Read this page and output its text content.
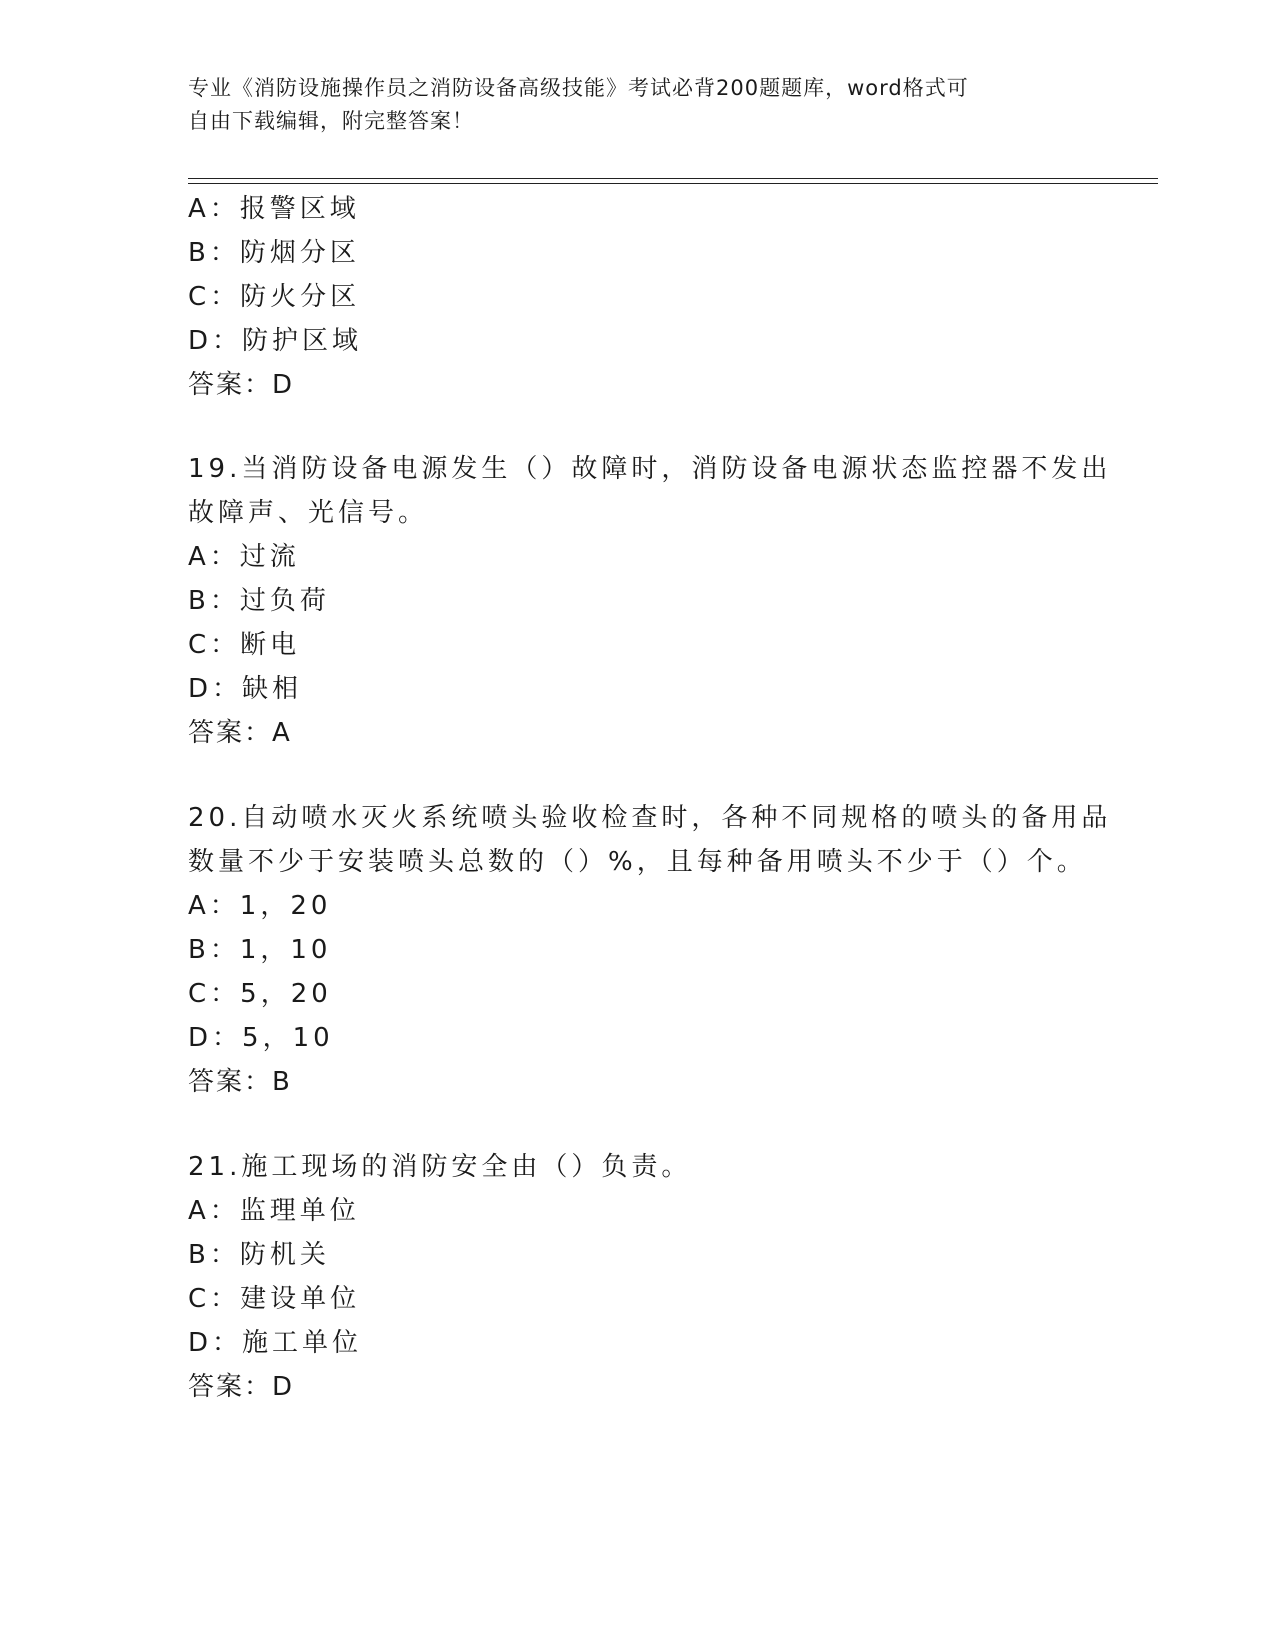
专业《消防设施操作员之消防设备高级技能》考试必背200题题库，word格式可
自由下载编辑，附完整答案！
A：报警区域
B：防烟分区
C：防火分区
D：防护区域
答案：D
19.当消防设备电源发生（）故障时，消防设备电源状态监控器不发出
故障声、光信号。
A：过流
B：过负荷
C：断电
D：缺相
答案：A
20.自动喷水灭火系统喷头验收检查时，各种不同规格的喷头的备用品
数量不少于安装喷头总数的（）%，且每种备用喷头不少于（）个。
A：1，20
B：1，10
C：5，20
D：5，10
答案：B
21.施工现场的消防安全由（）负责。
A：监理单位
B：防机关
C：建设单位
D：施工单位
答案：D
